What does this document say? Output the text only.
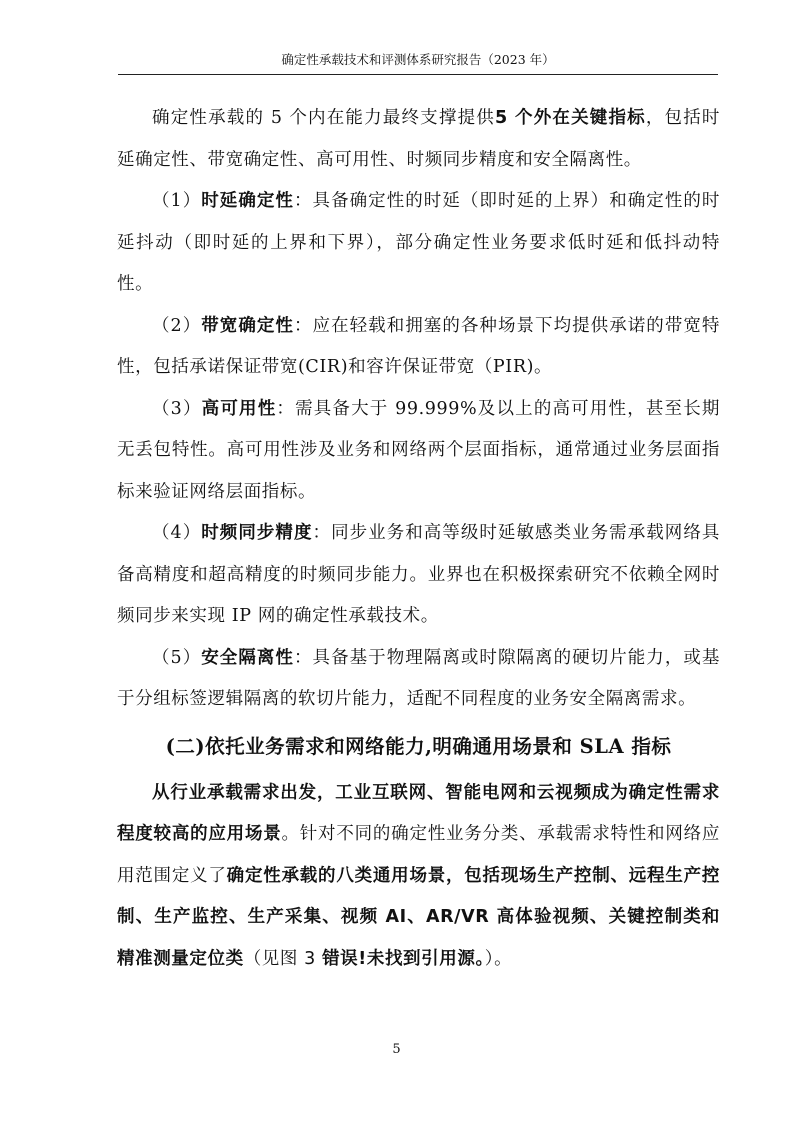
确定性承载技术和评测体系研究报告（2023 年）

确定性承载的 5 个内在能力最终支撑提供5 个外在关键指标，包括时延确定性、带宽确定性、高可用性、时频同步精度和安全隔离性。

（1）时延确定性：具备确定性的时延（即时延的上界）和确定性的时延抖动（即时延的上界和下界），部分确定性业务要求低时延和低抖动特性。

（2）带宽确定性：应在轻载和拥塞的各种场景下均提供承诺的带宽特性，包括承诺保证带宽(CIR)和容许保证带宽（PIR)。

（3）高可用性：需具备大于 99.999%及以上的高可用性，甚至长期无丢包特性。高可用性涉及业务和网络两个层面指标，通常通过业务层面指标来验证网络层面指标。

（4）时频同步精度：同步业务和高等级时延敏感类业务需承载网络具备高精度和超高精度的时频同步能力。业界也在积极探索研究不依赖全网时频同步来实现 IP 网的确定性承载技术。

（5）安全隔离性：具备基于物理隔离或时隙隔离的硬切片能力，或基于分组标签逻辑隔离的软切片能力，适配不同程度的业务安全隔离需求。

(二)依托业务需求和网络能力,明确通用场景和 SLA 指标

从行业承载需求出发，工业互联网、智能电网和云视频成为确定性需求程度较高的应用场景。针对不同的确定性业务分类、承载需求特性和网络应用范围定义了确定性承载的八类通用场景，包括现场生产控制、远程生产控制、生产监控、生产采集、视频 AI、AR/VR 高体验视频、关键控制类和精准测量定位类（见图 3 错误!未找到引用源。）。

5
